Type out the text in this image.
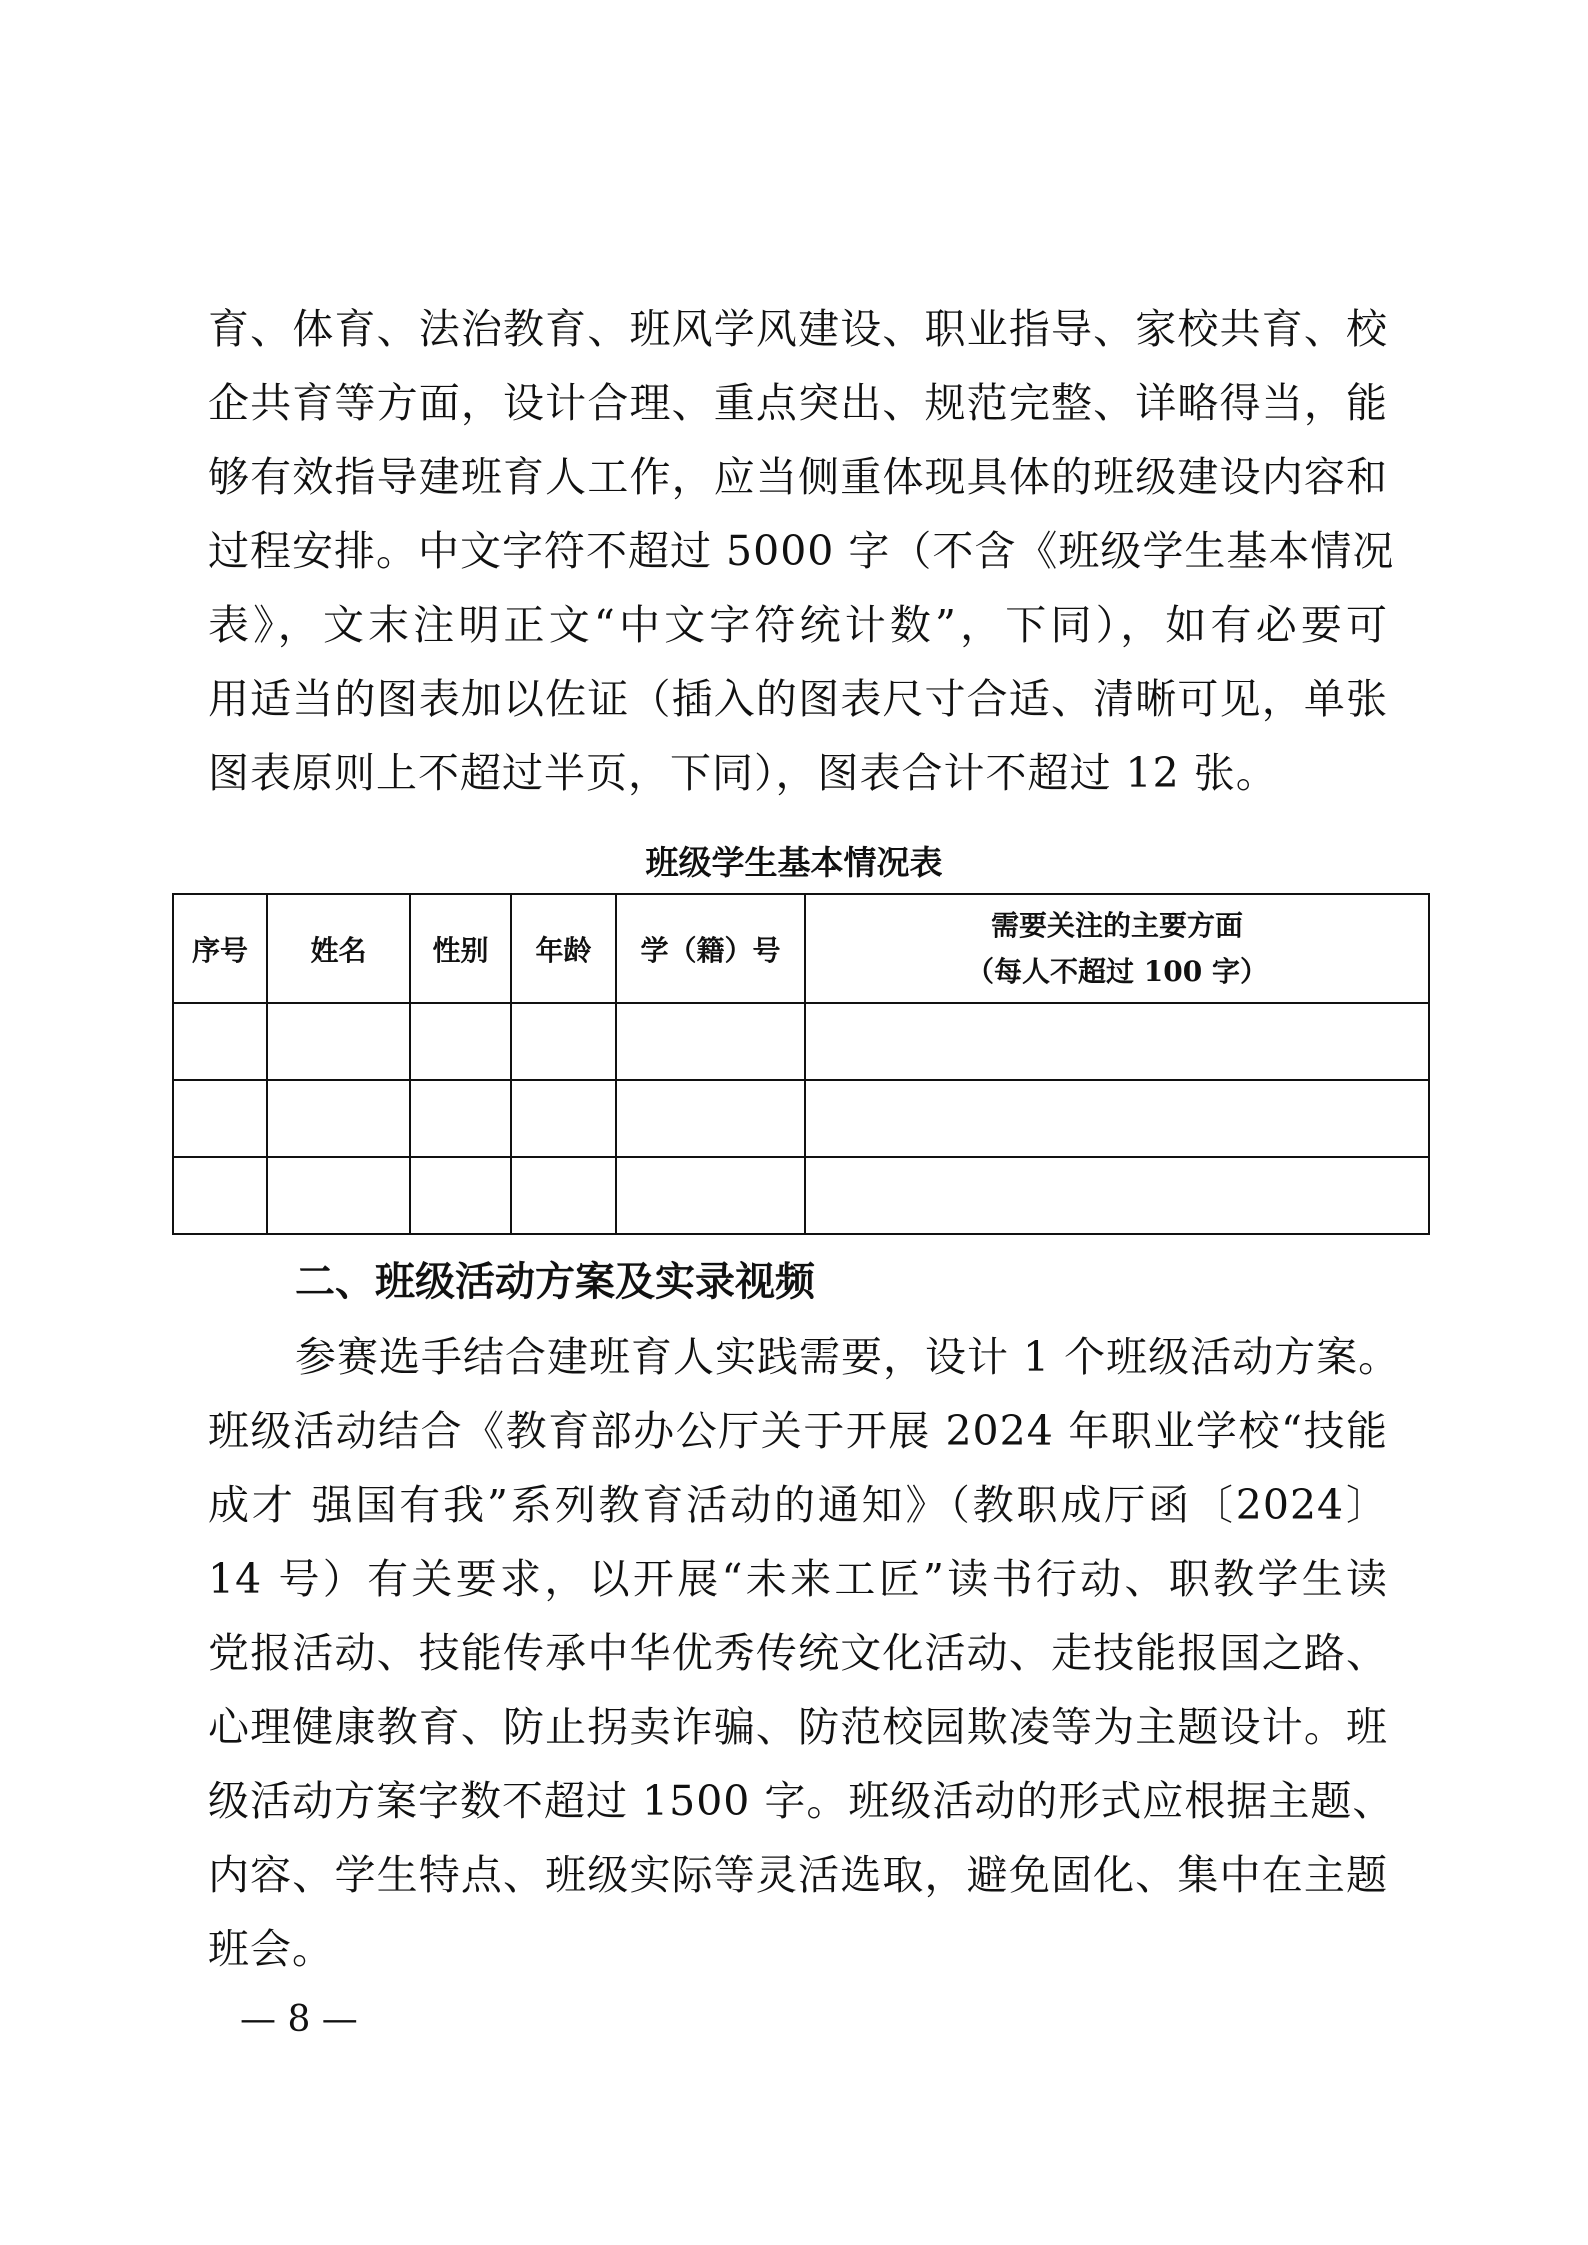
育、体育、法治教育、班风学风建设、职业指导、家校共育、校
企共育等方面，设计合理、重点突出、规范完整、详略得当，能
够有效指导建班育人工作，应当侧重体现具体的班级建设内容和
过程安排。中文字符不超过 5000 字（不含《班级学生基本情况
表》，文末注明正文“中文字符统计数”，下同），如有必要可
用适当的图表加以佐证（插入的图表尺寸合适、清晰可见，单张
图表原则上不超过半页，下同），图表合计不超过 12 张。
班级学生基本情况表
序号	姓名	性别	年龄	学（籍）号	需要关注的主要方面
（每人不超过 100 字）

二、班级活动方案及实录视频
参赛选手结合建班育人实践需要，设计 1 个班级活动方案。
班级活动结合《教育部办公厅关于开展 2024 年职业学校“技能
成才 强国有我”系列教育活动的通知》（教职成厅函〔2024〕
14 号）有关要求，以开展“未来工匠”读书行动、职教学生读
党报活动、技能传承中华优秀传统文化活动、走技能报国之路、
心理健康教育、防止拐卖诈骗、防范校园欺凌等为主题设计。班
级活动方案字数不超过 1500 字。班级活动的形式应根据主题、
内容、学生特点、班级实际等灵活选取，避免固化、集中在主题
班会。
— 8 —
